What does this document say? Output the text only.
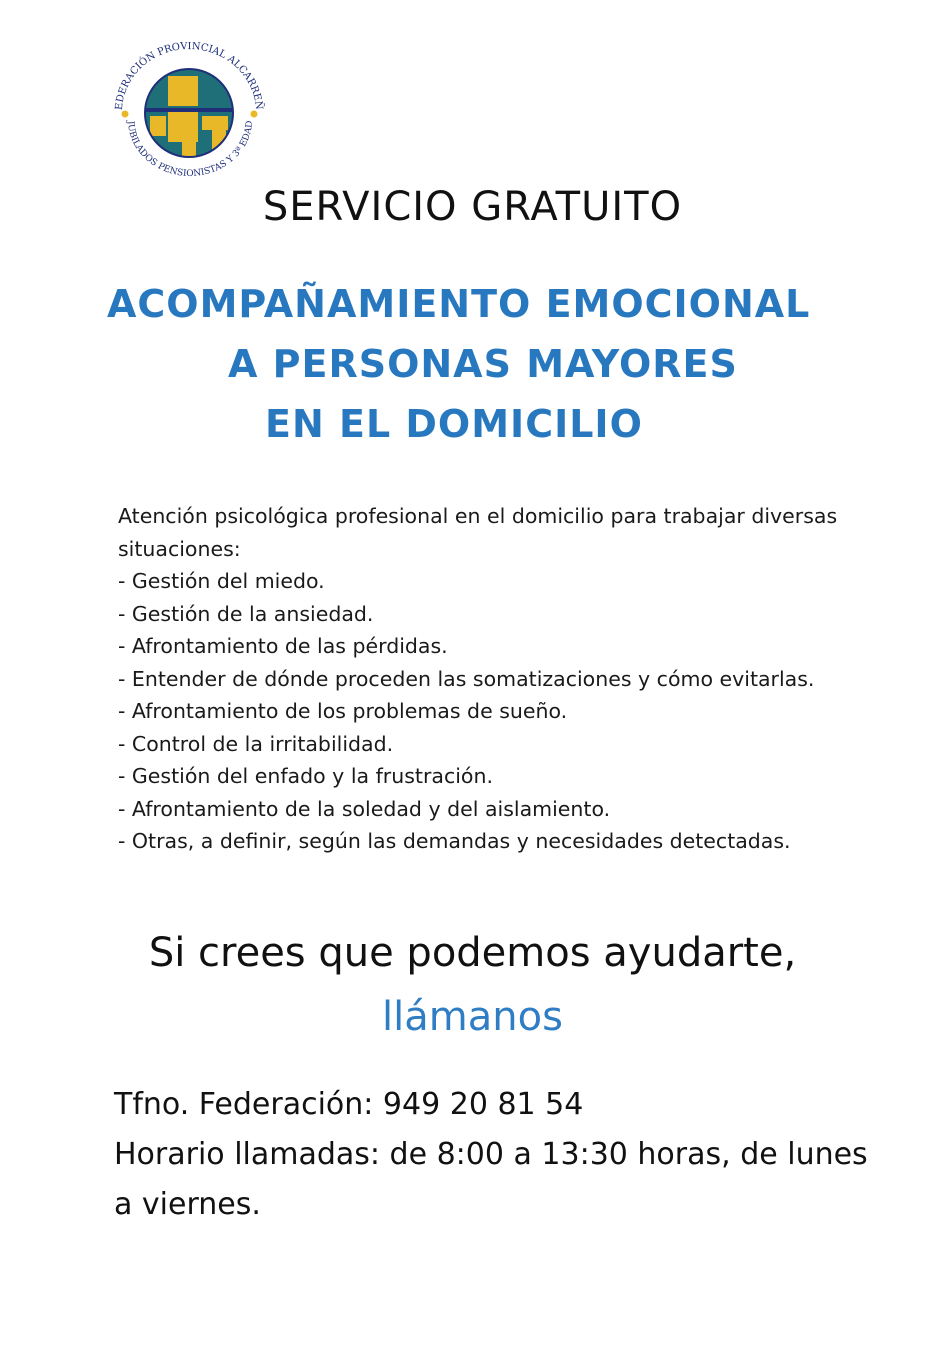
EDERACIÓN PROVINCIAL ALCARREÑ
JUBILADOS PENSIONISTAS Y 3ª EDAD
SERVICIO GRATUITO
ACOMPAÑAMIENTO EMOCIONAL
A PERSONAS MAYORES
EN EL DOMICILIO

Atención psicológica profesional en el domicilio para trabajar diversas situaciones:

- Gestión del miedo.
- Gestión de la ansiedad.
- Afrontamiento de las pérdidas.
- Entender de dónde proceden las somatizaciones y cómo evitarlas.
- Afrontamiento de los problemas de sueño.
- Control de la irritabilidad.
- Gestión del enfado y la frustración.
- Afrontamiento de la soledad y del aislamiento.
- Otras, a definir, según las demandas y necesidades detectadas.
Si crees que podemos ayudarte,
llámanos
Tfno. Federación: 949 20 81 54
Horario llamadas: de 8:00 a 13:30 horas, de lunes
a viernes.
